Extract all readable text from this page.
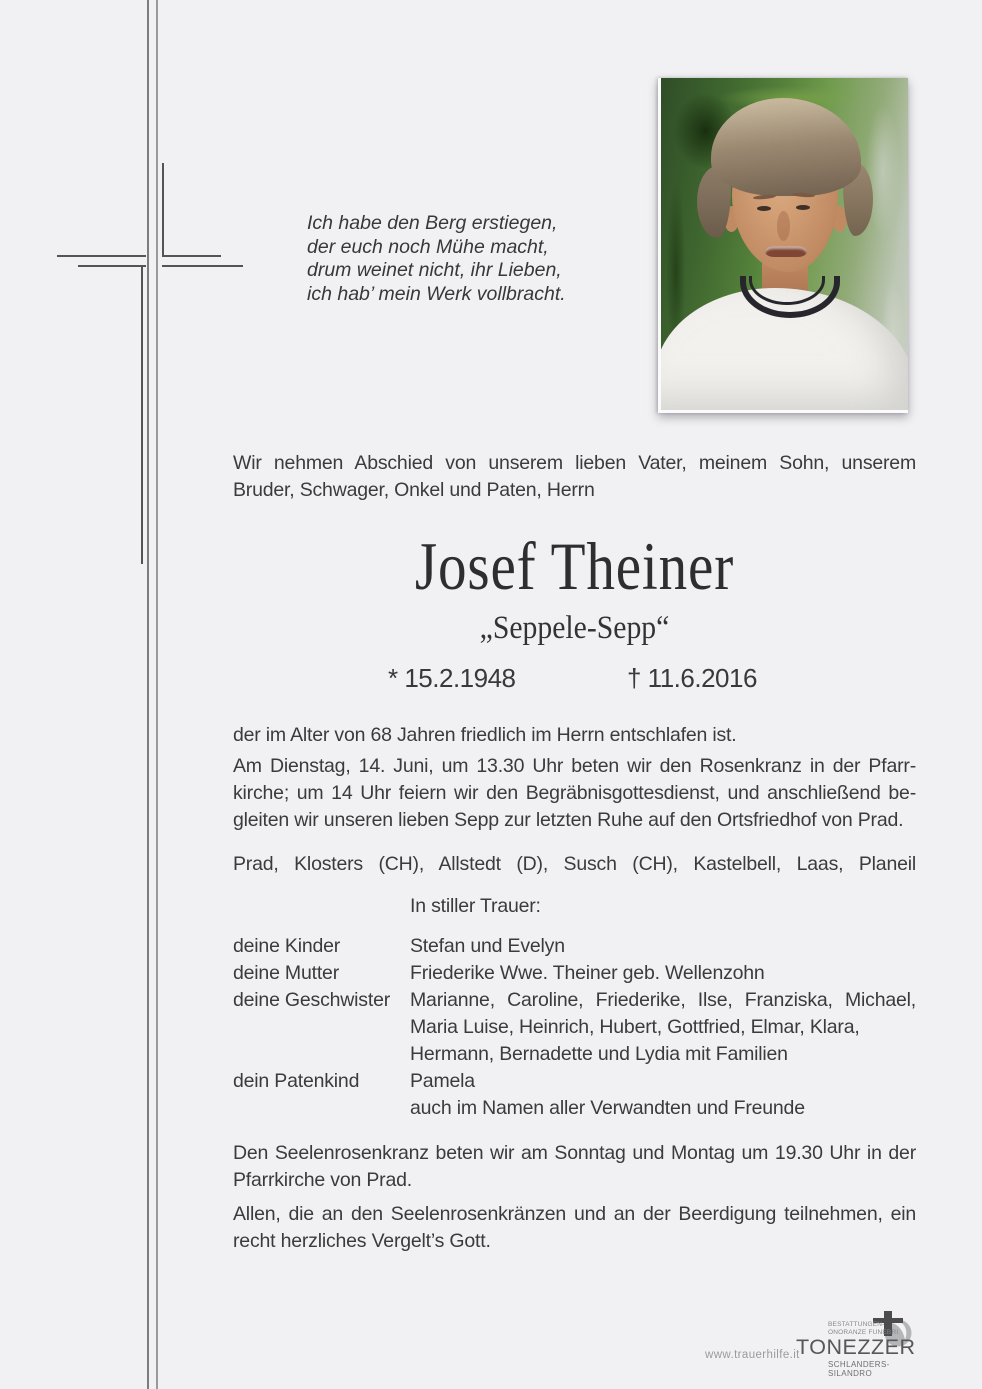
Ich habe den Berg erstiegen,
der euch noch Mühe macht,
drum weinet nicht, ihr Lieben,
ich hab’ mein Werk vollbracht.
Wir nehmen Abschied von unserem lieben Vater, meinem Sohn, unserem
Bruder, Schwager, Onkel und Paten, Herrn
Josef Theiner
„Seppele-Sepp“
* 15.2.1948	† 11.6.2016
der im Alter von 68 Jahren friedlich im Herrn entschlafen ist.
Am Dienstag, 14. Juni, um 13.30 Uhr beten wir den Rosenkranz in der Pfarr-
kirche; um 14 Uhr feiern wir den Begräbnisgottesdienst, und anschließend be-
gleiten wir unseren lieben Sepp zur letzten Ruhe auf den Ortsfriedhof von Prad.
Prad, Klosters (CH), Allstedt (D), Susch (CH), Kastelbell, Laas, Planeil
In stiller Trauer:
deine Kinder	Stefan und Evelyn
deine Mutter	Friederike Wwe. Theiner geb. Wellenzohn
deine Geschwister	Marianne, Caroline, Friederike, Ilse, Franziska, Michael,
Maria Luise, Heinrich, Hubert, Gottfried, Elmar, Klara,
Hermann, Bernadette und Lydia mit Familien
dein Patenkind	Pamela
auch im Namen aller Verwandten und Freunde
Den Seelenrosenkranz beten wir am Sonntag und Montag um 19.30 Uhr in der
Pfarrkirche von Prad.
Allen, die an den Seelenrosenkränzen und an der Beerdigung teilnehmen, ein
recht herzliches Vergelt’s Gott.
www.trauerhilfe.it
BESTATTUNGEN-
ONORANZE FUNEBRI
TONEZZER
SCHLANDERS-SILANDRO
